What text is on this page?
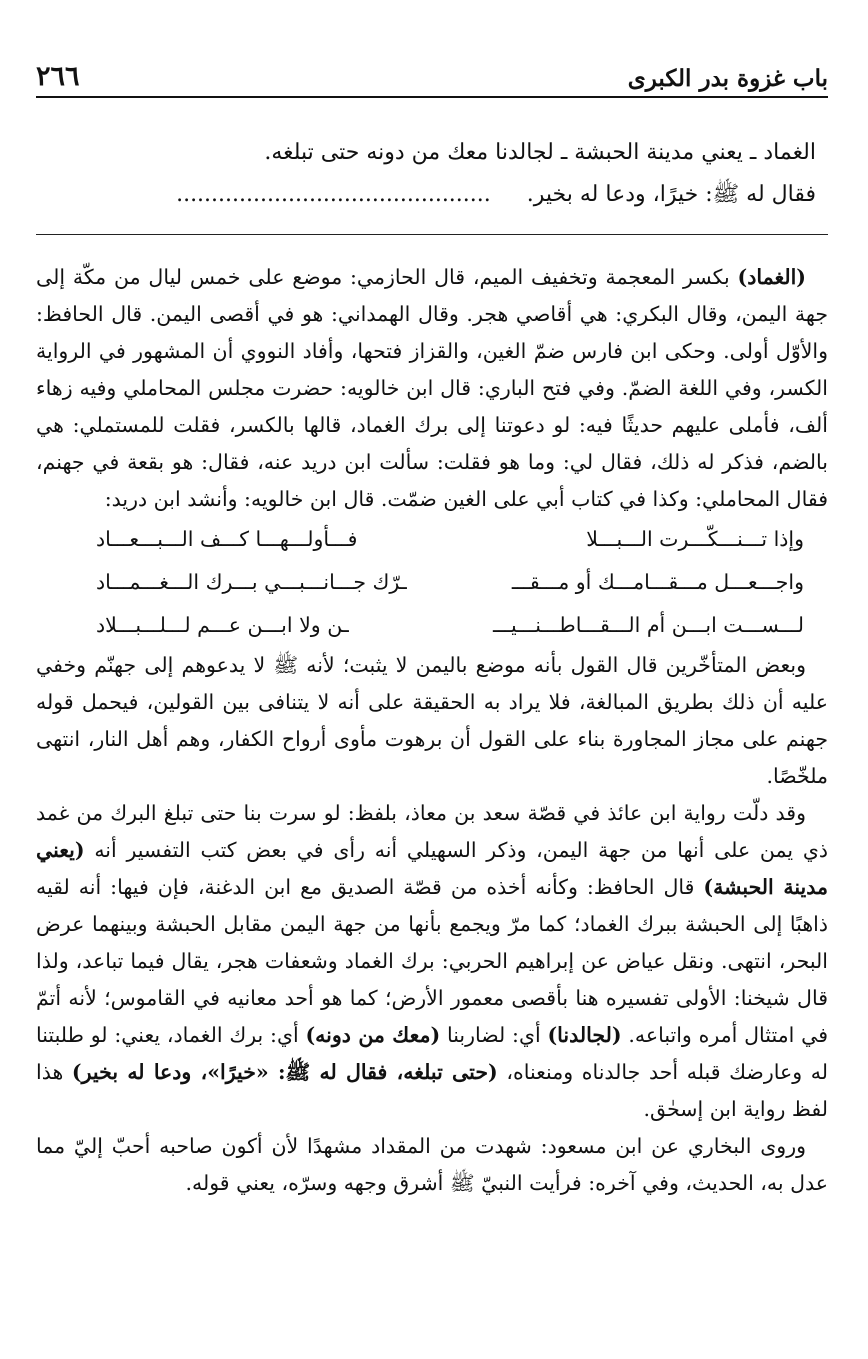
باب غزوة بدر الكبرى
٢٦٦
الغماد ـ يعني مدينة الحبشة ـ لجالدنا معك من دونه حتى تبلغه.
فقال له ﷺ: خيرًا، ودعا له بخير..............................................

(الغماد) بكسر المعجمة وتخفيف الميم، قال الحازمي: موضع على خمس ليال من مكّة إلى جهة اليمن، وقال البكري: هي أقاصي هجر. وقال الهمداني: هو في أقصى اليمن. قال الحافظ: والأوّل أولى. وحكى ابن فارس ضمّ الغين، والقزاز فتحها، وأفاد النووي أن المشهور في الرواية الكسر، وفي اللغة الضمّ. وفي فتح الباري: قال ابن خالويه: حضرت مجلس المحاملي وفيه زهاء ألف، فأملى عليهم حديثًا فيه: لو دعوتنا إلى برك الغماد، قالها بالكسر، فقلت للمستملي: هي بالضم، فذكر له ذلك، فقال لي: وما هو فقلت: سألت ابن دريد عنه، فقال: هو بقعة في جهنم، فقال المحاملي: وكذا في كتاب أبي على الغين ضمّت. قال ابن خالويه: وأنشد ابن دريد:

وإذا تـــنـــكّـــرت الـــبـــلا
فـــأولـــهـــا كـــف الـــبـــعـــاد
واجـــعـــل مـــقـــامـــك أو مـــقـــ
ـرّك جـــانـــبـــي بـــرك الـــغـــمـــاد
لـــســـت ابـــن أم الـــقـــاطـــنـــيـــ
ـن ولا ابـــن عـــم لـــلـــبـــلاد

وبعض المتأخّرين قال القول بأنه موضع باليمن لا يثبت؛ لأنه ﷺ لا يدعوهم إلى جهنّم وخفي عليه أن ذلك بطريق المبالغة، فلا يراد به الحقيقة على أنه لا يتنافى بين القولين، فيحمل قوله جهنم على مجاز المجاورة بناء على القول أن برهوت مأوى أرواح الكفار، وهم أهل النار، انتهى ملخّصًا.

وقد دلّت رواية ابن عائذ في قصّة سعد بن معاذ، بلفظ: لو سرت بنا حتى تبلغ البرك من غمد ذي يمن على أنها من جهة اليمن، وذكر السهيلي أنه رأى في بعض كتب التفسير أنه (يعني مدينة الحبشة) قال الحافظ: وكأنه أخذه من قصّة الصديق مع ابن الدغنة، فإن فيها: أنه لقيه ذاهبًا إلى الحبشة ببرك الغماد؛ كما مرّ ويجمع بأنها من جهة اليمن مقابل الحبشة وبينهما عرض البحر، انتهى. ونقل عياض عن إبراهيم الحربي: برك الغماد وشعفات هجر، يقال فيما تباعد، ولذا قال شيخنا: الأولى تفسيره هنا بأقصى معمور الأرض؛ كما هو أحد معانيه في القاموس؛ لأنه أتمّ في امتثال أمره واتباعه. (لجالدنا) أي: لضاربنا (معك من دونه) أي: برك الغماد، يعني: لو طلبتنا له وعارضك قبله أحد جالدناه ومنعناه، (حتى تبلغه، فقال له ﷺ: «خيرًا»، ودعا له بخير) هذا لفظ رواية ابن إسحٰق.

وروى البخاري عن ابن مسعود: شهدت من المقداد مشهدًا لأن أكون صاحبه أحبّ إليّ مما عدل به، الحديث، وفي آخره: فرأيت النبيّ ﷺ أشرق وجهه وسرّه، يعني قوله.
